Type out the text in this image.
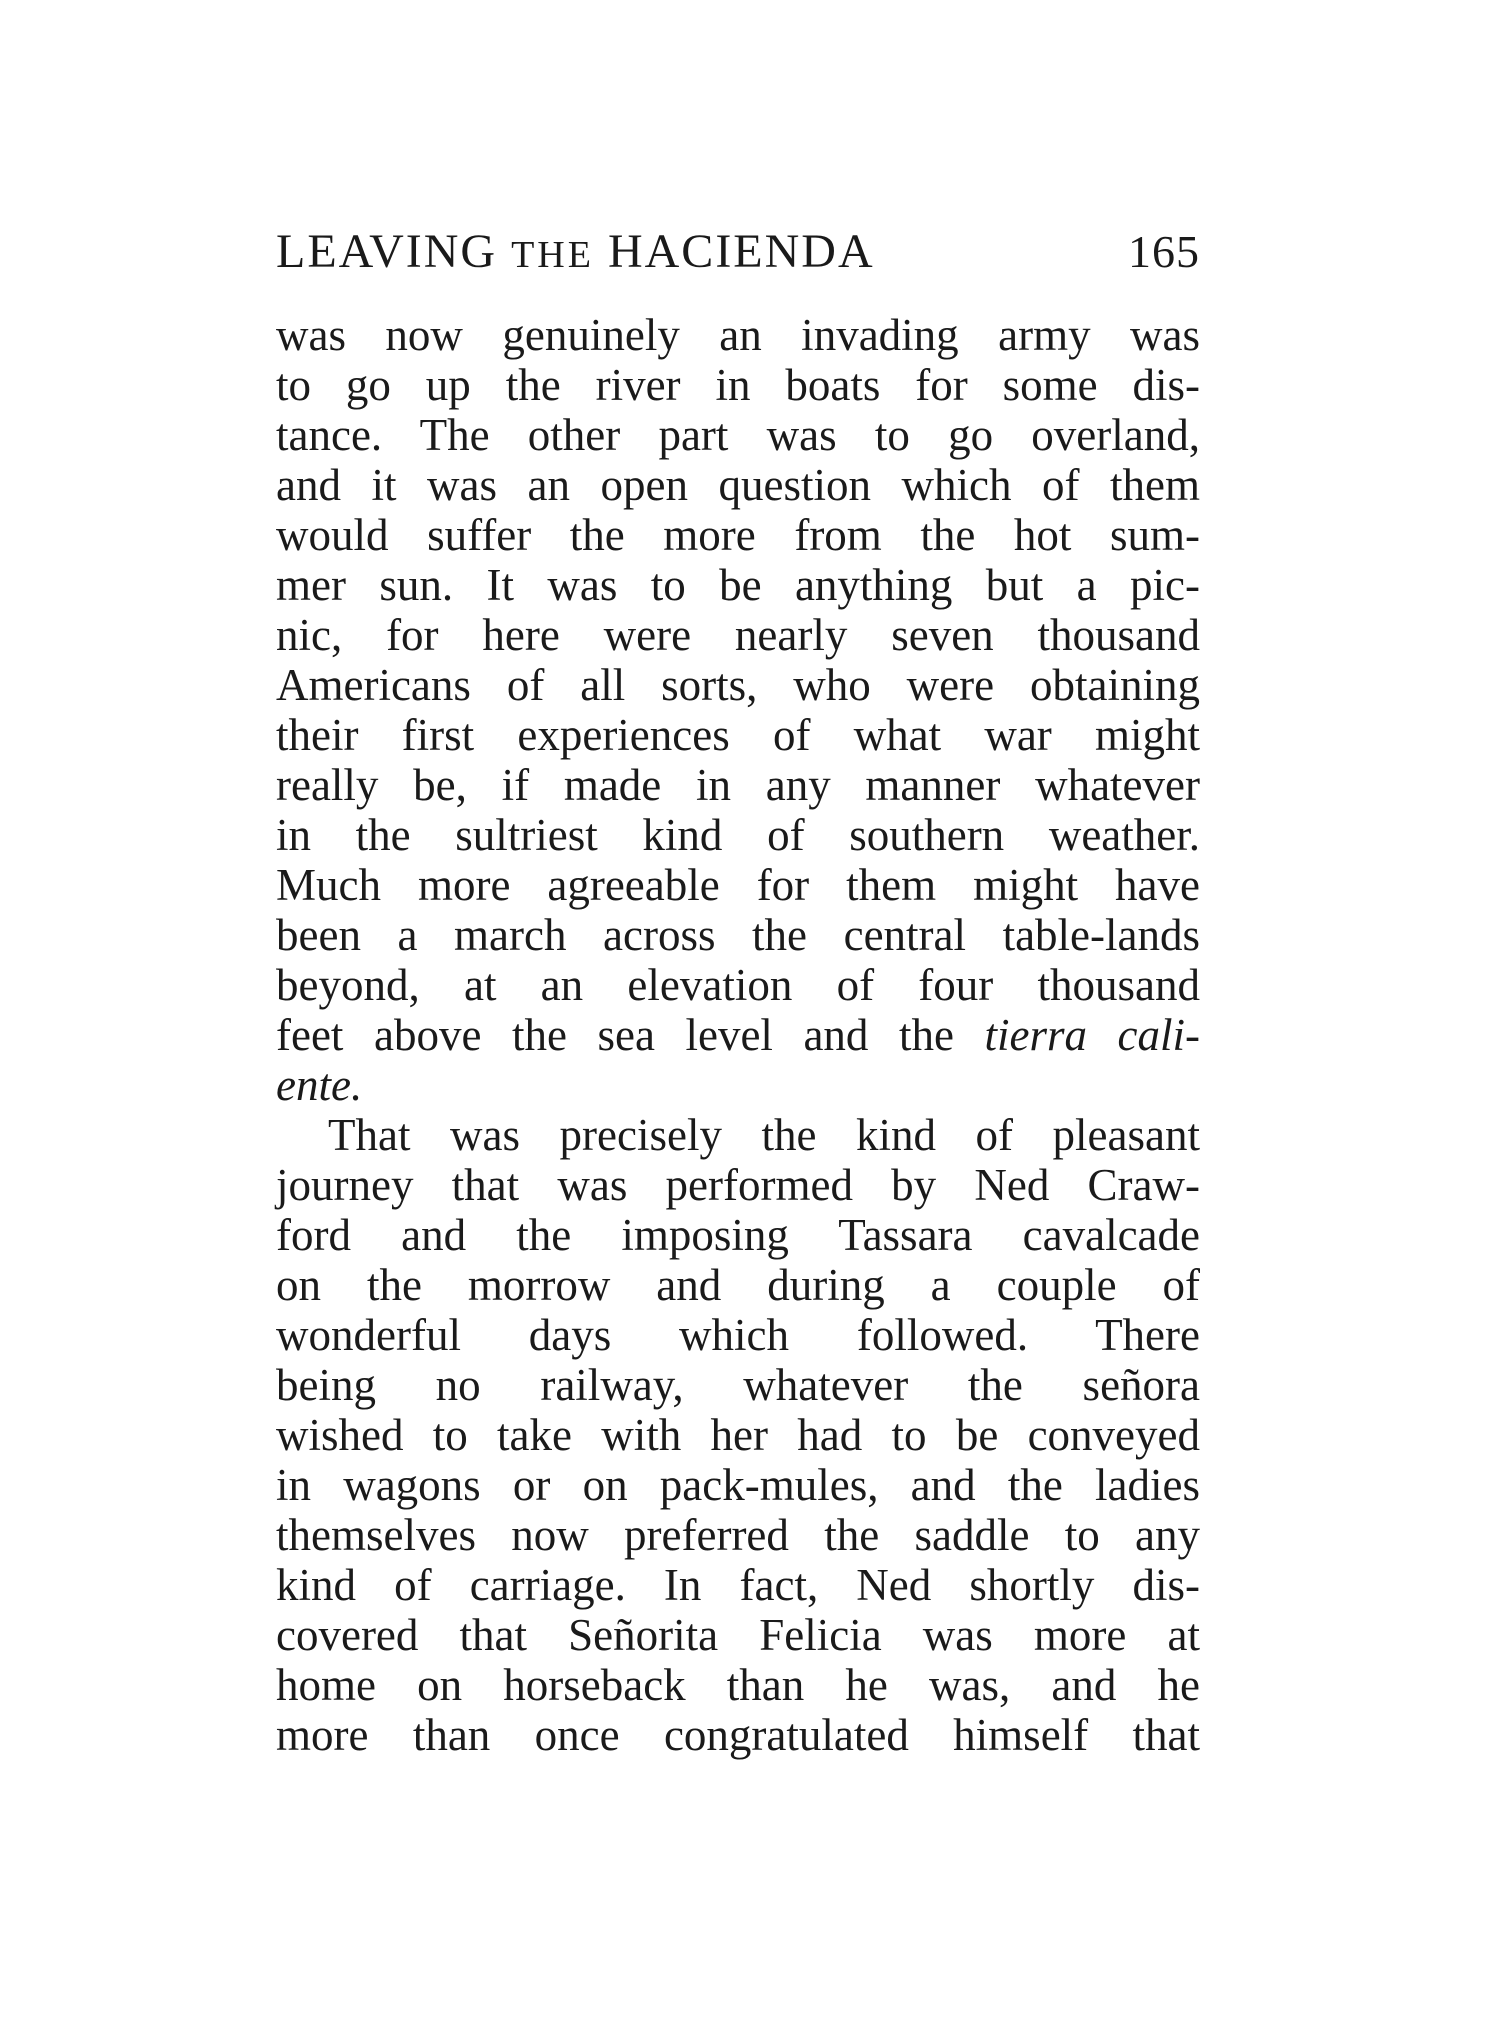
LEAVING THE HACIENDA	165
was now genuinely an invading army was
to go up the river in boats for some dis-
tance. The other part was to go overland,
and it was an open question which of them
would suffer the more from the hot sum-
mer sun. It was to be anything but a pic-
nic, for here were nearly seven thousand
Americans of all sorts, who were obtaining
their first experiences of what war might
really be, if made in any manner whatever
in the sultriest kind of southern weather.
Much more agreeable for them might have
been a march across the central table-lands
beyond, at an elevation of four thousand
feet above the sea level and the tierra cali-
ente.
That was precisely the kind of pleasant
journey that was performed by Ned Craw-
ford and the imposing Tassara cavalcade
on the morrow and during a couple of
wonderful days which followed. There
being no railway, whatever the señora
wished to take with her had to be conveyed
in wagons or on pack-mules, and the ladies
themselves now preferred the saddle to any
kind of carriage. In fact, Ned shortly dis-
covered that Señorita Felicia was more at
home on horseback than he was, and he
more than once congratulated himself that
